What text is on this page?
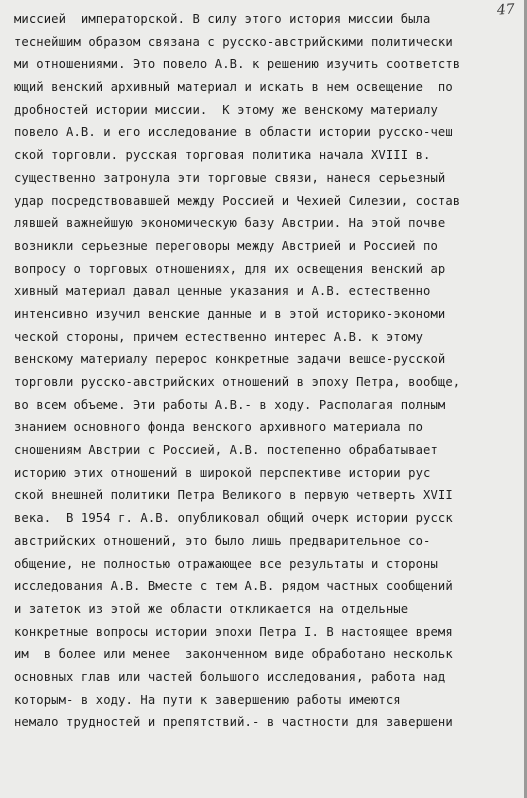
47
миссией  императорской. В силу этого история миссии была
теснейшим образом связана с русско-австрийскими политически
ми отношениями. Это повело А.В. к решению изучить соответств
ющий венский архивный материал и искать в нем освещение  по
дробностей истории миссии.  К этому же венскому материалу
повело А.В. и его исследование в области истории русско-чеш
ской торговли. русская торговая политика начала XVIII в.
существенно затронула эти торговые связи, нанеся серьезный
удар посредствовавшей между Россией и Чехией Силезии, состав
лявшей важнейшую экономическую базу Австрии. На этой почве
возникли серьезные переговоры между Австрией и Россией по
вопросу о торговых отношениях, для их освещения венский ар
хивный материал давал ценные указания и А.В. естественно
интенсивно изучил венские данные и в этой историко-экономи
ческой стороны, причем естественно интерес А.В. к этому
венскому материалу перерос конкретные задачи вешсе-русской
торговли русско-австрийских отношений в эпоху Петра, вообще,
во всем объеме. Эти работы А.В.- в ходу. Располагая полным
знанием основного фонда венского архивного материала по
сношениям Австрии с Россией, А.В. постепенно обрабатывает
историю этих отношений в широкой перспективе истории рус
ской внешней политики Петра Великого в первую четверть XVII
века.  В 1954 г. А.В. опубликовал общий очерк истории русск
австрийских отношений, это было лишь предварительное со-
общение, не полностью отражающее все результаты и стороны
исследования А.В. Вместе с тем А.В. рядом частных сообщений
и затеток из этой же области откликается на отдельные
конкретные вопросы истории эпохи Петра I. В настоящее время
им  в более или менее  законченном виде обработано нескольк
основных глав или частей большого исследования, работа над
которым- в ходу. На пути к завершению работы имеются
немало трудностей и препятствий.- в частности для завершени
